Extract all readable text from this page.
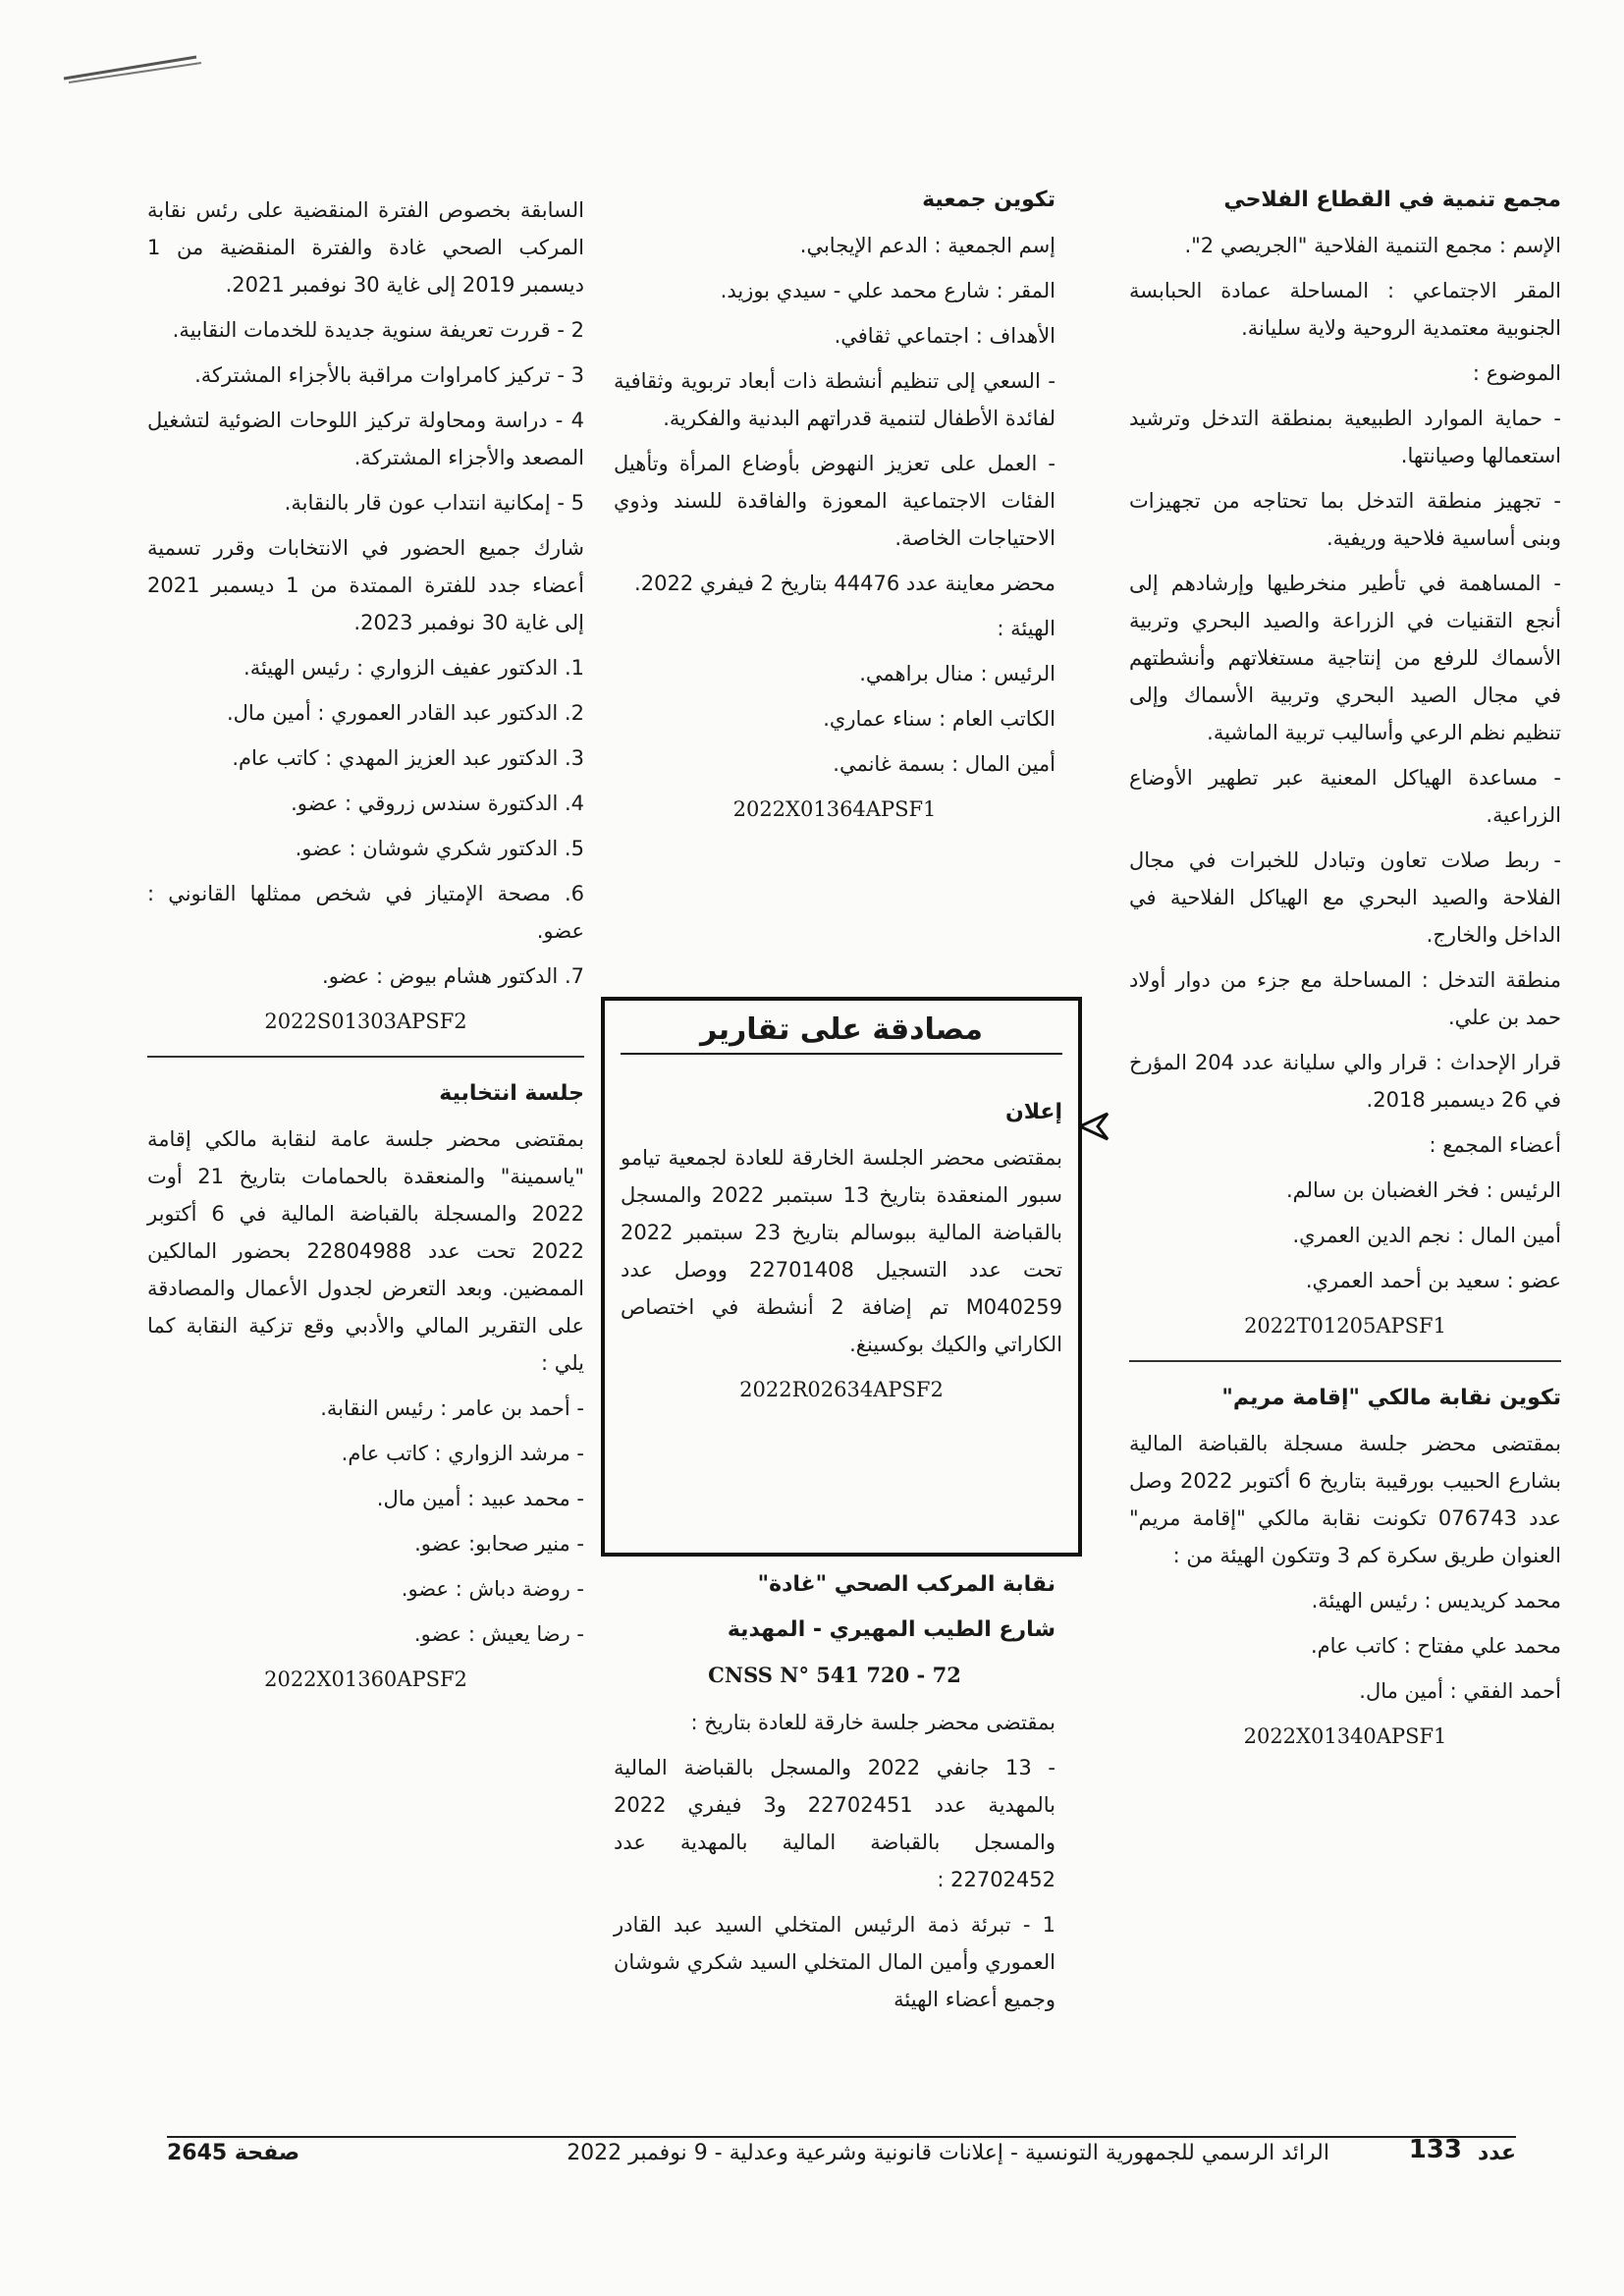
مجمع تنمية في القطاع الفلاحي

الإسم : مجمع التنمية الفلاحية "الجريصي 2".

المقر الاجتماعي : المساحلة عمادة الحبابسة الجنوبية معتمدية الروحية ولاية سليانة.

الموضوع :

- حماية الموارد الطبيعية بمنطقة التدخل وترشيد استعمالها وصيانتها.

- تجهيز منطقة التدخل بما تحتاجه من تجهيزات وبنى أساسية فلاحية وريفية.

- المساهمة في تأطير منخرطيها وإرشادهم إلى أنجع التقنيات في الزراعة والصيد البحري وتربية الأسماك للرفع من إنتاجية مستغلاتهم وأنشطتهم في مجال الصيد البحري وتربية الأسماك وإلى تنظيم نظم الرعي وأساليب تربية الماشية.

- مساعدة الهياكل المعنية عبر تطهير الأوضاع الزراعية.

- ربط صلات تعاون وتبادل للخبرات في مجال الفلاحة والصيد البحري مع الهياكل الفلاحية في الداخل والخارج.

منطقة التدخل : المساحلة مع جزء من دوار أولاد حمد بن علي.

قرار الإحداث : قرار والي سليانة عدد 204 المؤرخ في 26 ديسمبر 2018.

أعضاء المجمع :

الرئيس : فخر الغضبان بن سالم.

أمين المال : نجم الدين العمري.

عضو : سعيد بن أحمد العمري.

2022T01205APSF1

تكوين نقابة مالكي "إقامة مريم"

بمقتضى محضر جلسة مسجلة بالقباضة المالية بشارع الحبيب بورقيبة بتاريخ 6 أكتوبر 2022 وصل عدد 076743 تكونت نقابة مالكي "إقامة مريم" العنوان طريق سكرة كم 3 وتتكون الهيئة من :

محمد كريديس : رئيس الهيئة.

محمد علي مفتاح : كاتب عام.

أحمد الفقي : أمين مال.

2022X01340APSF1

تكوين جمعية

إسم الجمعية : الدعم الإيجابي.

المقر : شارع محمد علي - سيدي بوزيد.

الأهداف : اجتماعي ثقافي.

- السعي إلى تنظيم أنشطة ذات أبعاد تربوية وثقافية لفائدة الأطفال لتنمية قدراتهم البدنية والفكرية.

- العمل على تعزيز النهوض بأوضاع المرأة وتأهيل الفئات الاجتماعية المعوزة والفاقدة للسند وذوي الاحتياجات الخاصة.

محضر معاينة عدد 44476 بتاريخ 2 فيفري 2022.

الهيئة :

الرئيس : منال براهمي.

الكاتب العام : سناء عماري.

أمين المال : بسمة غانمي.

2022X01364APSF1
مصادقة على تقارير

إعلان

بمقتضى محضر الجلسة الخارقة للعادة لجمعية تيامو سبور المنعقدة بتاريخ 13 سبتمبر 2022 والمسجل بالقباضة المالية ببوسالم بتاريخ 23 سبتمبر 2022 تحت عدد التسجيل 22701408 ووصل عدد M040259 تم إضافة 2 أنشطة في اختصاص الكاراتي والكيك بوكسينغ.

2022R02634APSF2

نقابة المركب الصحي "غادة"

شارع الطيب المهيري - المهدية

CNSS N° 541 720 - 72

بمقتضى محضر جلسة خارقة للعادة بتاريخ :

- 13 جانفي 2022 والمسجل بالقباضة المالية بالمهدية عدد 22702451 و3 فيفري 2022 والمسجل بالقباضة المالية بالمهدية عدد 22702452 :

1 - تبرئة ذمة الرئيس المتخلي السيد عبد القادر العموري وأمين المال المتخلي السيد شكري شوشان وجميع أعضاء الهيئة

السابقة بخصوص الفترة المنقضية على رئس نقابة المركب الصحي غادة والفترة المنقضية من 1 ديسمبر 2019 إلى غاية 30 نوفمبر 2021.

2 - قررت تعريفة سنوية جديدة للخدمات النقابية.

3 - تركيز كامراوات مراقبة بالأجزاء المشتركة.

4 - دراسة ومحاولة تركيز اللوحات الضوئية لتشغيل المصعد والأجزاء المشتركة.

5 - إمكانية انتداب عون قار بالنقابة.

شارك جميع الحضور في الانتخابات وقرر تسمية أعضاء جدد للفترة الممتدة من 1 ديسمبر 2021 إلى غاية 30 نوفمبر 2023.

1. الدكتور عفيف الزواري : رئيس الهيئة.

2. الدكتور عبد القادر العموري : أمين مال.

3. الدكتور عبد العزيز المهدي : كاتب عام.

4. الدكتورة سندس زروقي : عضو.

5. الدكتور شكري شوشان : عضو.

6. مصحة الإمتياز في شخص ممثلها القانوني : عضو.

7. الدكتور هشام بيوض : عضو.

2022S01303APSF2

جلسة انتخابية

بمقتضى محضر جلسة عامة لنقابة مالكي إقامة "ياسمينة" والمنعقدة بالحمامات بتاريخ 21 أوت 2022 والمسجلة بالقباضة المالية في 6 أكتوبر 2022 تحت عدد 22804988 بحضور المالكين الممضين. وبعد التعرض لجدول الأعمال والمصادقة على التقرير المالي والأدبي وقع تزكية النقابة كما يلي :

- أحمد بن عامر : رئيس النقابة.

- مرشد الزواري : كاتب عام.

- محمد عبيد : أمين مال.

- منير صحابو: عضو.

- روضة دباش : عضو.

- رضا يعيش : عضو.

2022X01360APSF2
عدد
133
الرائد الرسمي للجمهورية التونسية - إعلانات قانونية وشرعية وعدلية - 9 نوفمبر 2022
صفحة 2645
